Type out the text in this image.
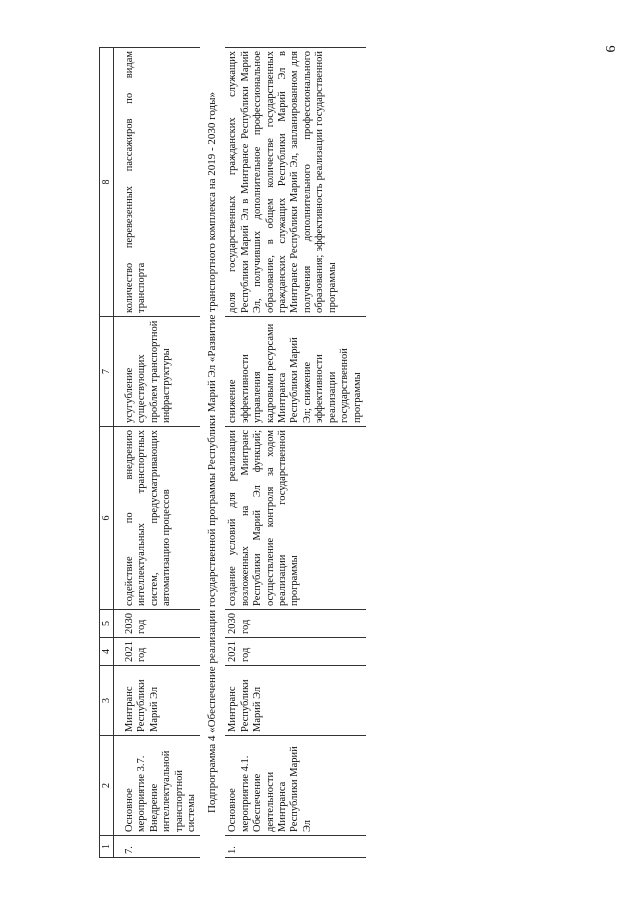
6
1	2	3	4	5	6	7	8

7.	Основное мероприятие 3.7. Внедрение интеллектуальной транспортной системы	Минтранс Республики Марий Эл	2021 год	2030 год	содействие по внедрению интеллектуальных транспортных систем, предусматривающих автоматизацию процессов	усугубление существующих проблем транспортной инфраструктуры	количество перевезенных пассажиров по видам транспорта
Подпрограмма 4 «Обеспечение реализации государственной программы Республики Марий Эл «Развитие транспортного комплекса на 2019 - 2030 годы»							
1.	Основное мероприятие 4.1. Обеспечение деятельности Минтранса Республики Марий Эл	Минтранс Республики Марий Эл	2021 год	2030 год	создание условий для реализации возложенных на Минтранс Республики Марий Эл функций; осуществление контроля за ходом реализации государственной программы	снижение эффективности управления кадровыми ресурсами Минтранса Республики Марий Эл; снижение эффективности реализации государственной программы	доля государственных гражданских служащих Республики Марий Эл в Минтрансе Республики Марий Эл, получивших дополнительное профессиональное образование, в общем количестве государственных гражданских служащих Республики Марий Эл в Минтрансе Республики Марий Эл, запланированном для получения дополнительного профессионального образования; эффективность реализации государственной программы
